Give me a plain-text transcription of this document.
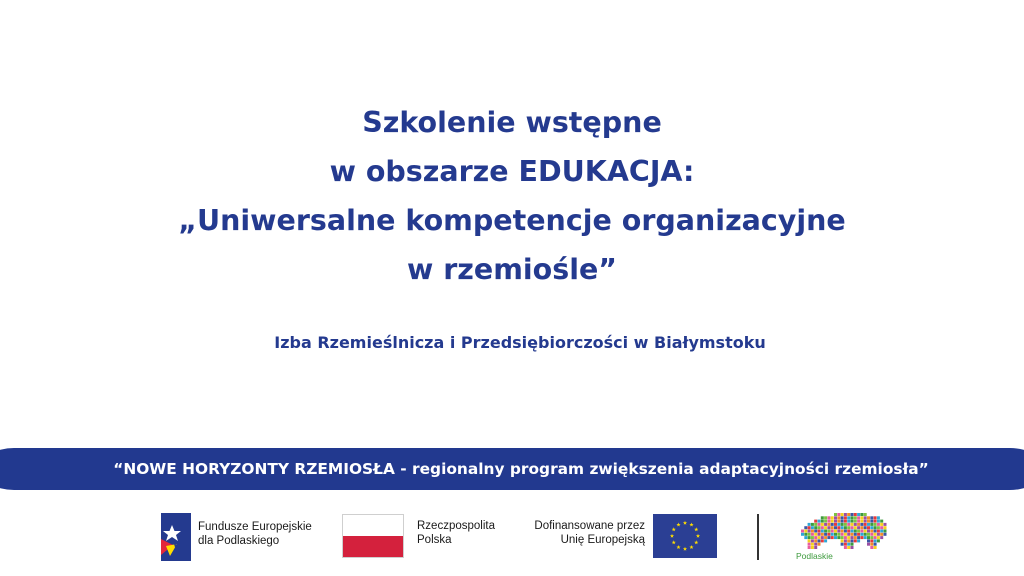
Szkolenie wstępne
w obszarze EDUKACJA:
„Uniwersalne kompetencje organizacyjne
w rzemiośle”
Izba Rzemieślnicza i Przedsiębiorczości w Białymstoku
“NOWE HORYZONTY RZEMIOSŁA - regionalny program zwiększenia adaptacyjności rzemiosła”
Fundusze Europejskie
dla Podlaskiego
Rzeczpospolita
Polska
Dofinansowane przez
Unię Europejską
Podlaskie
